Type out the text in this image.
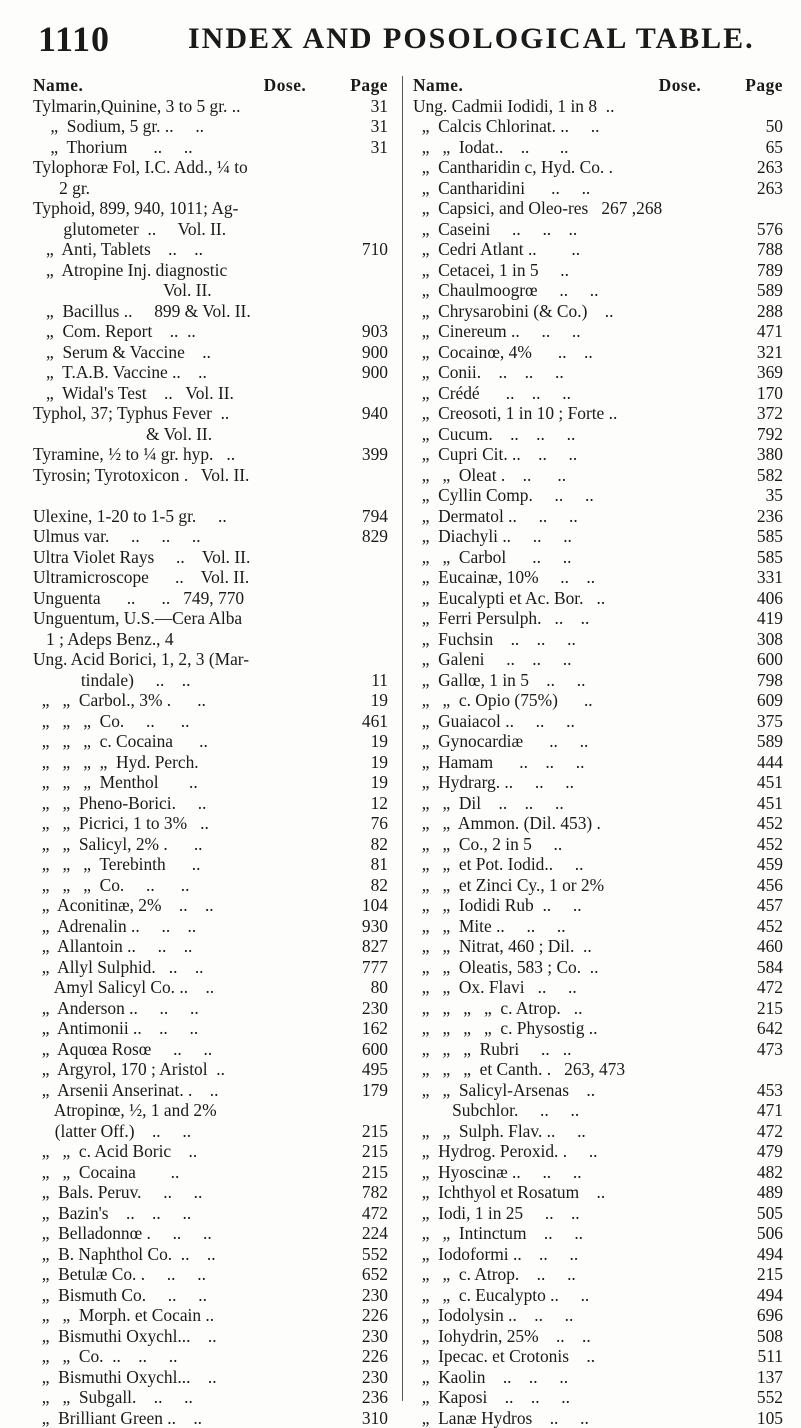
1110	INDEX AND POSOLOGICAL TABLE.
Name.	Dose.	Page
Tylmarin,Quinine, 3 to 5 gr. ..	31
„  Sodium, 5 gr. ..     ..	31
„  Thorium      ..     ..	31
Tylophoræ Fol, I.C. Add., ¼ to
2 gr.
Typhoid, 899, 940, 1011; Ag-
glutometer  ..     Vol. II.
„  Anti, Tablets    ..    ..	710
„  Atropine Inj. diagnostic
Vol. II.
„  Bacillus ..     899 & Vol. II.
„  Com. Report    ..  ..	903
„  Serum & Vaccine    ..	900
„  T.A.B. Vaccine ..    ..	900
„  Widal's Test    ..   Vol. II.
Typhol, 37; Typhus Fever  ..	940
& Vol. II.
Tyramine, ½ to ¼ gr. hyp.   ..	399
Tyrosin; Tyrotoxicon .   Vol. II.
Ulexine, 1-20 to 1-5 gr.     ..	794
Ulmus var.     ..     ..     ..	829
Ultra Violet Rays     ..    Vol. II.
Ultramicroscope      ..    Vol. II.
Unguenta      ..      ..   749, 770
Unguentum, U.S.—Cera Alba
1 ; Adeps Benz., 4
Ung. Acid Borici, 1, 2, 3 (Mar-
tindale)     ..    ..	11
„   „  Carbol., 3% .      ..	19
„   „   „  Co.     ..      ..	461
„   „   „  c. Cocaina      ..	19
„   „   „  „  Hyd. Perch.	19
„   „   „  Menthol       ..	19
„   „  Pheno-Borici.     ..	12
„   „  Picrici, 1 to 3%   ..	76
„   „  Salicyl, 2% .      ..	82
„   „   „  Terebinth      ..	81
„   „   „  Co.     ..      ..	82
„  Aconitinæ, 2%    ..    ..	104
„  Adrenalin ..     ..    ..	930
„  Allantoin ..     ..    ..	827
„  Allyl Sulphid.   ..    ..	777
Amyl Salicyl Co. ..    ..	80
„  Anderson ..     ..     ..	230
„  Antimonii ..    ..     ..	162
„  Aquœa Rosœ     ..     ..	600
„  Argyrol, 170 ; Aristol  ..	495
„  Arsenii Anserinat. .    ..	179
Atropinœ, ½, 1 and 2%
(latter Off.)    ..     ..	215
„   „  c. Acid Boric    ..	215
„   „  Cocaina        ..	215
„  Bals. Peruv.     ..     ..	782
„  Bazin's    ..    ..     ..	472
„  Belladonnœ .     ..     ..	224
„  B. Naphthol Co.  ..    ..	552
„  Betulæ Co. .     ..     ..	652
„  Bismuth Co.     ..     ..	230
„   „  Morph. et Cocain ..	226
„  Bismuthi Oxychl...    ..	230
„   „  Co.  ..    ..     ..	226
„  Bismuthi Oxychl...    ..	230
„   „  Subgall.    ..     ..	236
„  Brilliant Green ..    ..	310
Name.	Dose.	Page
Ung. Cadmii Iodidi, 1 in 8  ..
„  Calcis Chlorinat. ..     ..	50
„   „  Iodat..    ..       ..	65
„  Cantharidin c, Hyd. Co. .	263
„  Cantharidini      ..     ..	263
„  Capsici, and Oleo-res   267 ,268
„  Caseini     ..     ..    ..	576
„  Cedri Atlant ..        ..	788
„  Cetacei, 1 in 5     ..	789
„  Chaulmoogrœ     ..     ..	589
„  Chrysarobini (& Co.)    ..	288
„  Cinereum ..     ..     ..	471
„  Cocainœ, 4%      ..    ..	321
„  Conii.    ..    ..     ..	369
„  Crédé      ..    ..     ..	170
„  Creosoti, 1 in 10 ; Forte ..	372
„  Cucum.    ..    ..     ..	792
„  Cupri Cit. ..    ..     ..	380
„   „  Oleat .    ..      ..	582
„  Cyllin Comp.     ..     ..	35
„  Dermatol ..     ..     ..	236
„  Diachyli ..     ..     ..	585
„   „  Carbol      ..     ..	585
„  Eucainæ, 10%     ..    ..	331
„  Eucalypti et Ac. Bor.   ..	406
„  Ferri Persulph.   ..    ..	419
„  Fuchsin    ..    ..     ..	308
„  Galeni     ..    ..     ..	600
„  Gallœ, 1 in 5    ..     ..	798
„   „  c. Opio (75%)      ..	609
„  Guaiacol ..     ..     ..	375
„  Gynocardiæ      ..     ..	589
„  Hamam      ..    ..     ..	444
„  Hydrarg. ..     ..     ..	451
„   „  Dil    ..    ..     ..	451
„   „  Ammon. (Dil. 453) .	452
„   „  Co., 2 in 5     ..	452
„   „  et Pot. Iodid..     ..	459
„   „  et Zinci Cy., 1 or 2%	456
„   „  Iodidi Rub  ..     ..	457
„   „  Mite ..     ..     ..	452
„   „  Nitrat, 460 ; Dil.  ..	460
„   „  Oleatis, 583 ; Co.  ..	584
„   „  Ox. Flavi   ..     ..	472
„   „   „   „  c. Atrop.   ..	215
„   „   „   „  c. Physostig ..	642
„   „   „  Rubri     ..   ..	473
„   „   „  et Canth. .   263, 473
„   „  Salicyl-Arsenas    ..	453
Subchlor.     ..     ..	471
„   „  Sulph. Flav. ..     ..	472
„  Hydrog. Peroxid. .     ..	479
„  Hyoscinæ ..     ..     ..	482
„  Ichthyol et Rosatum    ..	489
„  Iodi, 1 in 25     ..    ..	505
„   „  Intinctum    ..     ..	506
„  Iodoformi ..    ..     ..	494
„   „  c. Atrop.    ..     ..	215
„   „  c. Eucalypto ..     ..	494
„  Iodolysin ..    ..     ..	696
„  Iohydrin, 25%    ..    ..	508
„  Ipecac. et Crotonis    ..	511
„  Kaolin    ..    ..     ..	137
„  Kaposi    ..    ..     ..	552
„  Lanæ Hydros    ..     ..	105
